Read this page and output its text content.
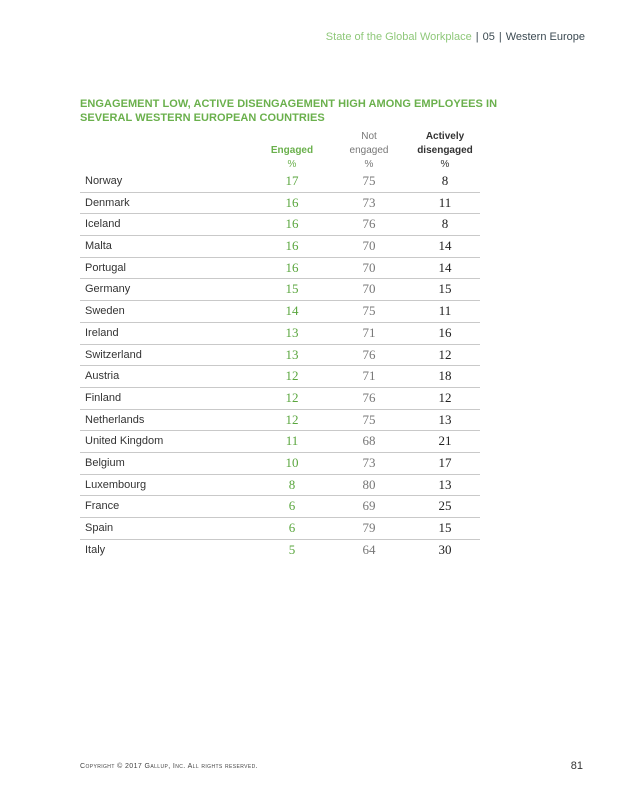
State of the Global Workplace | 05 | Western Europe
ENGAGEMENT LOW, ACTIVE DISENGAGEMENT HIGH AMONG EMPLOYEES IN SEVERAL WESTERN EUROPEAN COUNTRIES
Engaged
%
Not
engaged
%
Actively
disengaged
%
Norway	17	75	8
Denmark	16	73	11
Iceland	16	76	8
Malta	16	70	14
Portugal	16	70	14
Germany	15	70	15
Sweden	14	75	11
Ireland	13	71	16
Switzerland	13	76	12
Austria	12	71	18
Finland	12	76	12
Netherlands	12	75	13
United Kingdom	11	68	21
Belgium	10	73	17
Luxembourg	8	80	13
France	6	69	25
Spain	6	79	15
Italy	5	64	30
Copyright © 2017 Gallup, Inc. All rights reserved.	81
